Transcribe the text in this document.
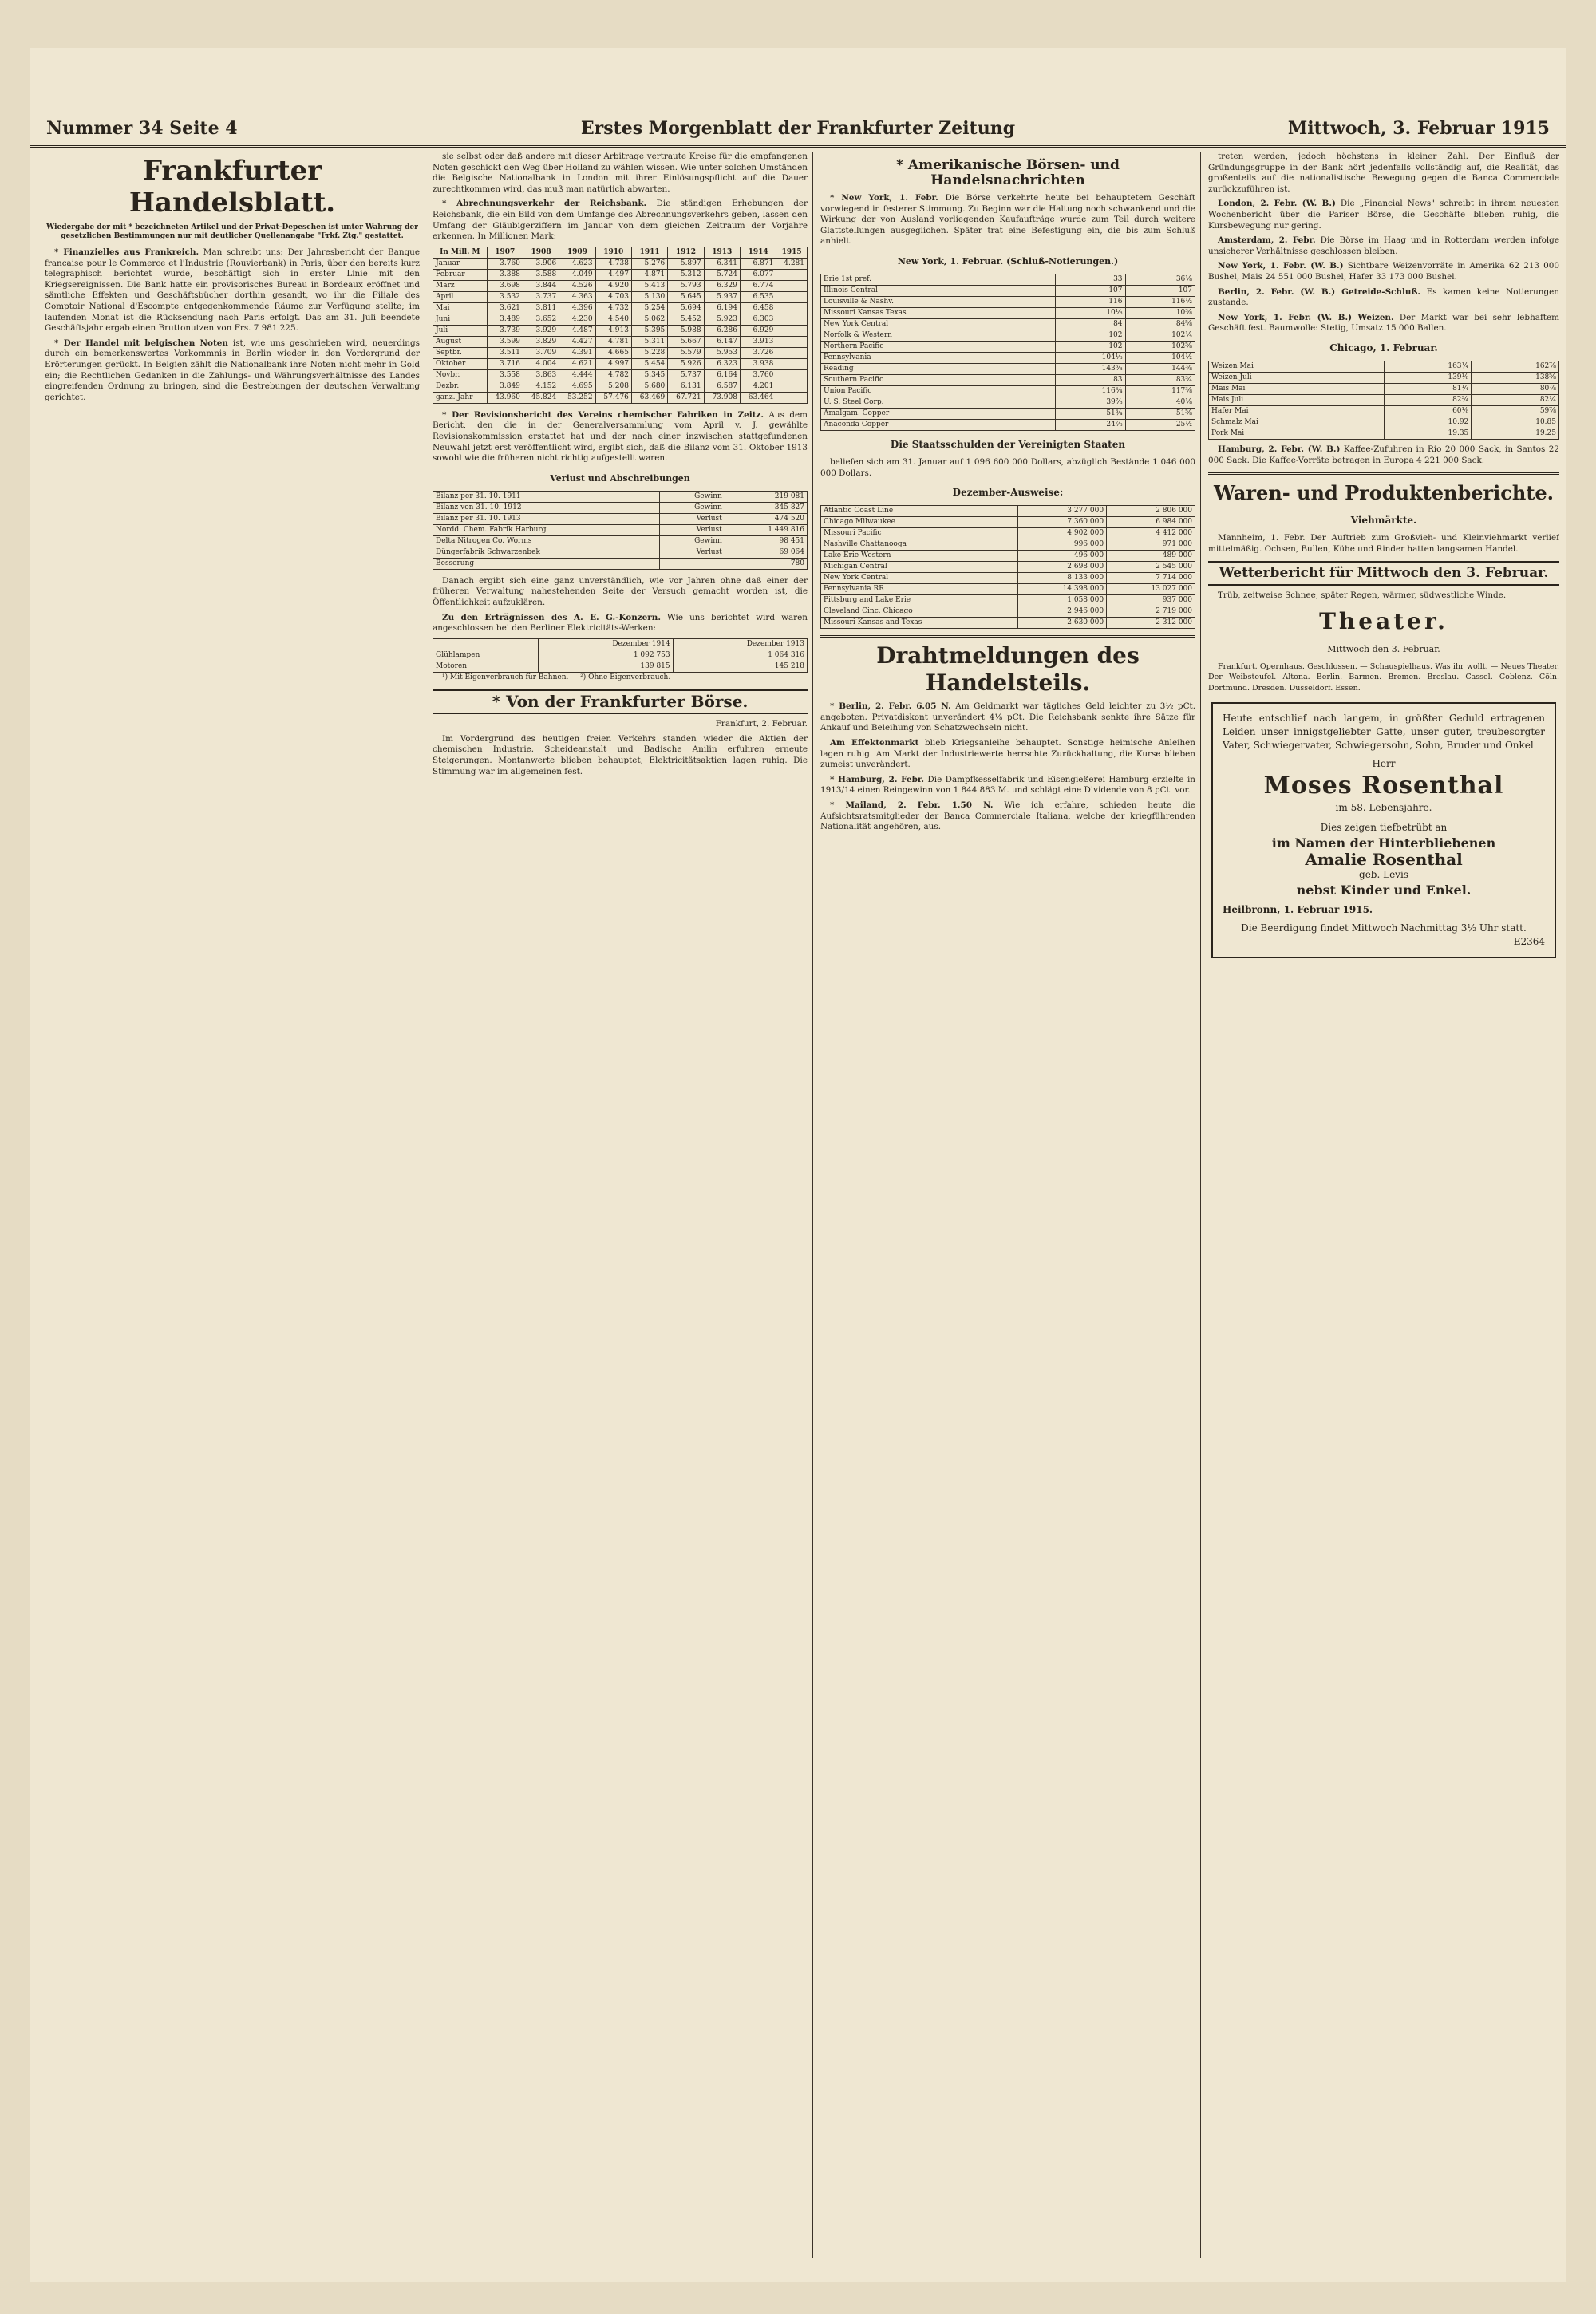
Nummer 34 Seite 4	Erstes Morgenblatt der Frankfurter Zeitung	Mittwoch, 3. Februar 1915
Frankfurter Handelsblatt.
Wiedergabe der mit * bezeichneten Artikel und der Privat-Depeschen ist unter Wahrung der gesetzlichen Bestimmungen nur mit deutlicher Quellenangabe "Frkf. Ztg." gestattet.

* Finanzielles aus Frankreich. Man schreibt uns: Der Jahresbericht der Banque française pour le Commerce et l'Industrie (Rouvierbank) in Paris, über den bereits kurz telegraphisch berichtet wurde, beschäftigt sich in erster Linie mit den Kriegsereignissen. Die Bank hatte ein provisorisches Bureau in Bordeaux eröffnet und sämtliche Effekten und Geschäftsbücher dorthin gesandt, wo ihr die Filiale des Comptoir National d'Escompte entgegenkommende Räume zur Verfügung stellte; im laufenden Monat ist die Rücksendung nach Paris erfolgt. Das am 31. Juli beendete Geschäftsjahr ergab einen Bruttonutzen von Frs. 7 981 225.

* Der Handel mit belgischen Noten ist, wie uns geschrieben wird, neuerdings durch ein bemerkenswertes Vorkommnis in Berlin wieder in den Vordergrund der Erörterungen gerückt. In Belgien zählt die Nationalbank ihre Noten nicht mehr in Gold ein; die Rechtlichen Gedanken in die Zahlungs- und Währungsverhältnisse des Landes eingreifenden Ordnung zu bringen, sind die Bestrebungen der deutschen Verwaltung gerichtet.

sie selbst oder daß andere mit dieser Arbitrage vertraute Kreise für die empfangenen Noten geschickt den Weg über Holland zu wählen wissen. Wie unter solchen Umständen die Belgische Nationalbank in London mit ihrer Einlösungspflicht auf die Dauer zurechtkommen wird, das muß man natürlich abwarten.

* Abrechnungsverkehr der Reichsbank. Die ständigen Erhebungen der Reichsbank, die ein Bild von dem Umfange des Abrechnungsverkehrs geben, lassen den Umfang der Gläubigerziffern im Januar von dem gleichen Zeitraum der Vorjahre erkennen. In Millionen Mark:

In Mill. M	1907	1908	1909	1910	1911	1912	1913	1914	1915
Januar	3.760	3.906	4.623	4.738	5.276	5.897	6.341	6.871	4.281
Februar	3.388	3.588	4.049	4.497	4.871	5.312	5.724	6.077	
März	3.698	3.844	4.526	4.920	5.413	5.793	6.329	6.774	
April	3.532	3.737	4.363	4.703	5.130	5.645	5.937	6.535	
Mai	3.621	3.811	4.396	4.732	5.254	5.694	6.194	6.458	
Juni	3.489	3.652	4.230	4.540	5.062	5.452	5.923	6.303	
Juli	3.739	3.929	4.487	4.913	5.395	5.988	6.286	6.929	
August	3.599	3.829	4.427	4.781	5.311	5.667	6.147	3.913	
Septbr.	3.511	3.709	4.391	4.665	5.228	5.579	5.953	3.726	
Oktober	3.716	4.004	4.621	4.997	5.454	5.926	6.323	3.938	
Novbr.	3.558	3.863	4.444	4.782	5.345	5.737	6.164	3.760	
Dezbr.	3.849	4.152	4.695	5.208	5.680	6.131	6.587	4.201	
ganz. Jahr	43.960	45.824	53.252	57.476	63.469	67.721	73.908	63.464	

* Der Revisionsbericht des Vereins chemischer Fabriken in Zeitz. Aus dem Bericht, den die in der Generalversammlung vom April v. J. gewählte Revisionskommission erstattet hat und der nach einer inzwischen stattgefundenen Neuwahl jetzt erst veröffentlicht wird, ergibt sich, daß die Bilanz vom 31. Oktober 1913 sowohl wie die früheren nicht richtig aufgestellt waren.

Verlust und Abschreibungen
Bilanz per 31. 10. 1911	Gewinn	219 081
Bilanz von 31. 10. 1912	Gewinn	345 827
Bilanz per 31. 10. 1913	Verlust	474 520
Nordd. Chem. Fabrik Harburg	Verlust	1 449 816
Delta Nitrogen Co. Worms	Gewinn	98 451
Düngerfabrik Schwarzenbek	Verlust	69 064
Besserung		780

Danach ergibt sich eine ganz unverständlich, wie vor Jahren ohne daß einer der früheren Verwaltung nahestehenden Seite der Versuch gemacht worden ist, die Öffentlichkeit aufzuklären.

Zu den Erträgnissen des A. E. G.-Konzern. Wie uns berichtet wird waren angeschlossen bei den Berliner Elektricitäts-Werken:

	Dezember 1914	Dezember 1913
Glühlampen	1 092 753	1 064 316
Motoren	139 815	145 218

¹) Mit Eigenverbrauch für Bahnen. — ²) Ohne Eigenverbrauch.

* Von der Frankfurter Börse.

Frankfurt, 2. Februar.

Im Vordergrund des heutigen freien Verkehrs standen wieder die Aktien der chemischen Industrie. Scheideanstalt und Badische Anilin erfuhren erneute Steigerungen. Montanwerte blieben behauptet, Elektricitätsaktien lagen ruhig. Die Stimmung war im allgemeinen fest.

* Amerikanische Börsen- und Handelsnachrichten

* New York, 1. Febr. Die Börse verkehrte heute bei behauptetem Geschäft vorwiegend in festerer Stimmung. Zu Beginn war die Haltung noch schwankend und die Wirkung der von Ausland vorliegenden Kaufaufträge wurde zum Teil durch weitere Glattstellungen ausgeglichen. Später trat eine Befestigung ein, die bis zum Schluß anhielt.

New York, 1. Februar. (Schluß-Notierungen.)
Erie 1st pref.	33	36⅛
Illinois Central	107	107
Louisville & Nashv.	116	116½
Missouri Kansas Texas	10⅛	10⅜
New York Central	84	84⅝
Norfolk & Western	102	102¼
Northern Pacific	102	102⅝
Pennsylvania	104⅛	104½
Reading	143⅝	144⅜
Southern Pacific	83	83¾
Union Pacific	116¾	117⅜
U. S. Steel Corp.	39⅞	40⅛
Amalgam. Copper	51¾	51⅝
Anaconda Copper	24⅞	25½
Die Staatsschulden der Vereinigten Staaten

beliefen sich am 31. Januar auf 1 096 600 000 Dollars, abzüglich Bestände 1 046 000 000 Dollars.

Dezember-Ausweise:
Atlantic Coast Line	3 277 000	2 806 000
Chicago Milwaukee	7 360 000	6 984 000
Missouri Pacific	4 902 000	4 412 000
Nashville Chattanooga	996 000	971 000
Lake Erie Western	496 000	489 000
Michigan Central	2 698 000	2 545 000
New York Central	8 133 000	7 714 000
Pennsylvania RR	14 398 000	13 027 000
Pittsburg and Lake Erie	1 058 000	937 000
Cleveland Cinc. Chicago	2 946 000	2 719 000
Missouri Kansas and Texas	2 630 000	2 312 000
Drahtmeldungen des Handelsteils.

* Berlin, 2. Febr. 6.05 N. Am Geldmarkt war tägliches Geld leichter zu 3½ pCt. angeboten. Privatdiskont unverändert 4⅛ pCt. Die Reichsbank senkte ihre Sätze für Ankauf und Beleihung von Schatzwechseln nicht.

Am Effektenmarkt blieb Kriegsanleihe behauptet. Sonstige heimische Anleihen lagen ruhig. Am Markt der Industriewerte herrschte Zurückhaltung, die Kurse blieben zumeist unverändert.

* Hamburg, 2. Febr. Die Dampfkesselfabrik und Eisengießerei Hamburg erzielte in 1913/14 einen Reingewinn von 1 844 883 M. und schlägt eine Dividende von 8 pCt. vor.

* Mailand, 2. Febr. 1.50 N. Wie ich erfahre, schieden heute die Aufsichtsratsmitglieder der Banca Commerciale Italiana, welche der kriegführenden Nationalität angehören, aus.

treten werden, jedoch höchstens in kleiner Zahl. Der Einfluß der Gründungsgruppe in der Bank hört jedenfalls vollständig auf, die Realität, das großenteils auf die nationalistische Bewegung gegen die Banca Commerciale zurückzuführen ist.

London, 2. Febr. (W. B.) Die „Financial News" schreibt in ihrem neuesten Wochenbericht über die Pariser Börse, die Geschäfte blieben ruhig, die Kursbewegung nur gering.

Amsterdam, 2. Febr. Die Börse im Haag und in Rotterdam werden infolge unsicherer Verhältnisse geschlossen bleiben.

New York, 1. Febr. (W. B.) Sichtbare Weizenvorräte in Amerika 62 213 000 Bushel, Mais 24 551 000 Bushel, Hafer 33 173 000 Bushel.

Berlin, 2. Febr. (W. B.) Getreide-Schluß. Es kamen keine Notierungen zustande.

New York, 1. Febr. (W. B.) Weizen. Der Markt war bei sehr lebhaftem Geschäft fest. Baumwolle: Stetig, Umsatz 15 000 Ballen.

Chicago, 1. Februar.
Weizen Mai	163¼	162⅞
Weizen Juli	139⅛	138⅝
Mais Mai	81¼	80⅞
Mais Juli	82¾	82¼
Hafer Mai	60⅛	59⅞
Schmalz Mai	10.92	10.85
Pork Mai	19.35	19.25

Hamburg, 2. Febr. (W. B.) Kaffee-Zufuhren in Rio 20 000 Sack, in Santos 22 000 Sack. Die Kaffee-Vorräte betragen in Europa 4 221 000 Sack.

Waren- und Produktenberichte.
Viehmärkte.

Mannheim, 1. Febr. Der Auftrieb zum Großvieh- und Kleinviehmarkt verlief mittelmäßig. Ochsen, Bullen, Kühe und Rinder hatten langsamen Handel.

Wetterbericht für Mittwoch den 3. Februar.

Trüb, zeitweise Schnee, später Regen, wärmer, südwestliche Winde.

Theater.
Mittwoch den 3. Februar.

Frankfurt. Opernhaus. Geschlossen. — Schauspielhaus. Was ihr wollt. — Neues Theater. Der Weibsteufel. Altona. Berlin. Barmen. Bremen. Breslau. Cassel. Coblenz. Cöln. Dortmund. Dresden. Düsseldorf. Essen.

Heute entschlief nach langem, in größter Geduld ertragenen Leiden unser innigstgeliebter Gatte, unser guter, treubesorgter Vater, Schwiegervater, Schwiegersohn, Sohn, Bruder und Onkel
Herr
Moses Rosenthal
im 58. Lebensjahre.
Dies zeigen tiefbetrübt an
im Namen der Hinterbliebenen
Amalie Rosenthal
geb. Levis
nebst Kinder und Enkel.
Heilbronn, 1. Februar 1915.
Die Beerdigung findet Mittwoch Nachmittag 3½ Uhr statt.
E2364
